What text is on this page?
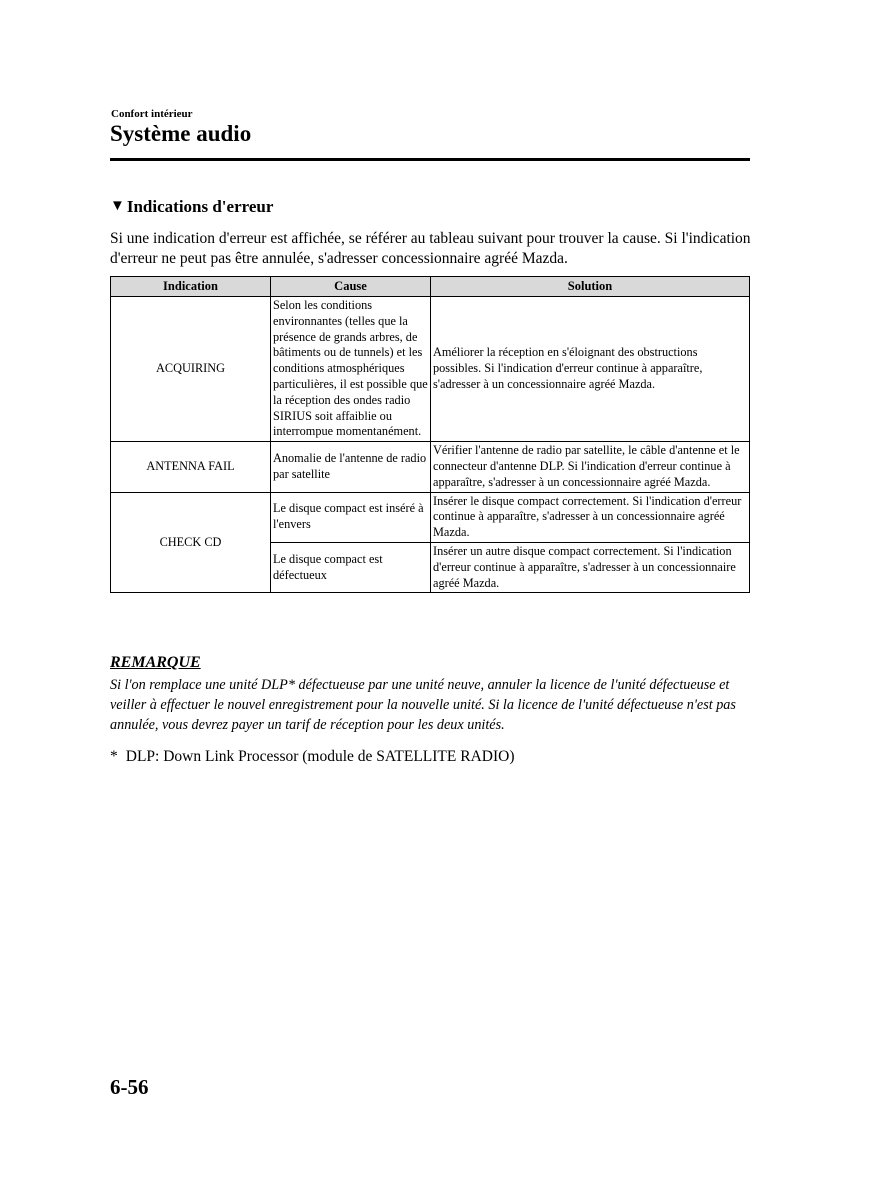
Confort intérieur
Système audio
▼ Indications d'erreur

Si une indication d'erreur est affichée, se référer au tableau suivant pour trouver la cause. Si l'indication d'erreur ne peut pas être annulée, s'adresser concessionnaire agréé Mazda.

Indication	Cause	Solution
ACQUIRING	Selon les conditions environnantes (telles que la présence de grands arbres, de bâtiments ou de tunnels) et les conditions atmosphériques particulières, il est possible que la réception des ondes radio SIRIUS soit affaiblie ou interrompue momentanément.	Améliorer la réception en s'éloignant des obstructions possibles. Si l'indication d'erreur continue à apparaître, s'adresser à un concessionnaire agréé Mazda.
ANTENNA FAIL	Anomalie de l'antenne de radio par satellite	Vérifier l'antenne de radio par satellite, le câble d'antenne et le connecteur d'antenne DLP. Si l'indication d'erreur continue à apparaître, s'adresser à un concessionnaire agréé Mazda.
CHECK CD	Le disque compact est inséré à l'envers	Insérer le disque compact correctement. Si l'indication d'erreur continue à apparaître, s'adresser à un concessionnaire agréé Mazda.
	Le disque compact est défectueux	Insérer un autre disque compact correctement. Si l'indication d'erreur continue à apparaître, s'adresser à un concessionnaire agréé Mazda.
REMARQUE

Si l'on remplace une unité DLP* défectueuse par une unité neuve, annuler la licence de l'unité défectueuse et veiller à effectuer le nouvel enregistrement pour la nouvelle unité. Si la licence de l'unité défectueuse n'est pas annulée, vous devrez payer un tarif de réception pour les deux unités.

* DLP: Down Link Processor (module de SATELLITE RADIO)

6-56
